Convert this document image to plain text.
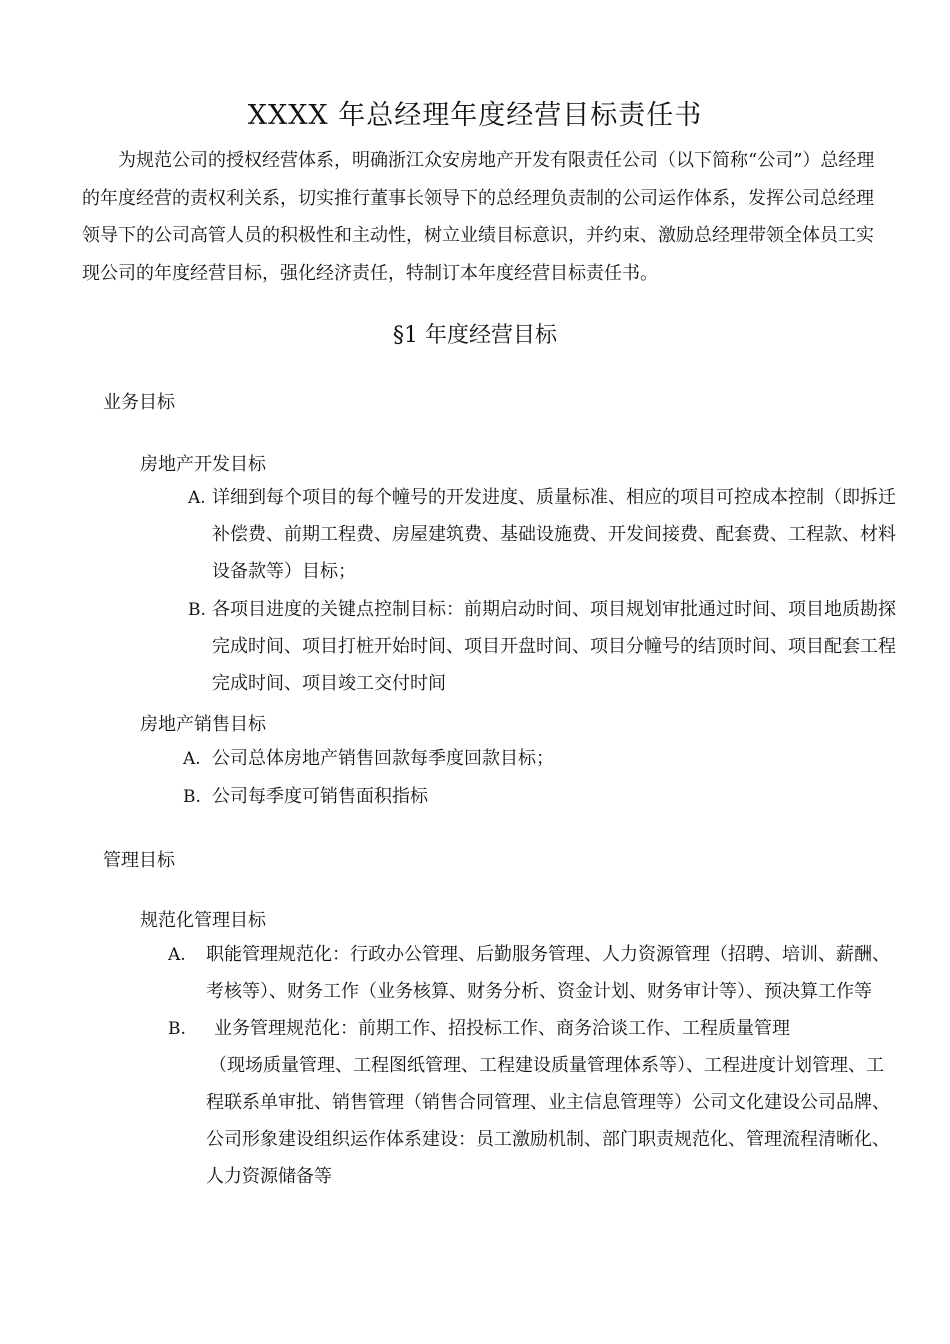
XXXX 年总经理年度经营目标责任书
为规范公司的授权经营体系，明确浙江众安房地产开发有限责任公司（以下简称“公司”）总经理
的年度经营的责权利关系，切实推行董事长领导下的总经理负责制的公司运作体系，发挥公司总经理
领导下的公司高管人员的积极性和主动性，树立业绩目标意识，并约束、激励总经理带领全体员工实
现公司的年度经营目标，强化经济责任，特制订本年度经营目标责任书。
§1 年度经营目标
业务目标
房地产开发目标
A. 详细到每个项目的每个幢号的开发进度、质量标准、相应的项目可控成本控制（即拆迁
补偿费、前期工程费、房屋建筑费、基础设施费、开发间接费、配套费、工程款、材料
设备款等）目标；
B. 各项目进度的关键点控制目标：前期启动时间、项目规划审批通过时间、项目地质勘探
完成时间、项目打桩开始时间、项目开盘时间、项目分幢号的结顶时间、项目配套工程
完成时间、项目竣工交付时间
房地产销售目标
A. 公司总体房地产销售回款每季度回款目标；
B. 公司每季度可销售面积指标
管理目标
规范化管理目标
A. 职能管理规范化：行政办公管理、后勤服务管理、人力资源管理（招聘、培训、薪酬、
考核等）、财务工作（业务核算、财务分析、资金计划、财务审计等）、预决算工作等
B.	业务管理规范化：前期工作、招投标工作、商务洽谈工作、工程质量管理
（现场质量管理、工程图纸管理、工程建设质量管理体系等）、工程进度计划管理、工
程联系单审批、销售管理（销售合同管理、业主信息管理等）公司文化建设公司品牌、
公司形象建设组织运作体系建设：员工激励机制、部门职责规范化、管理流程清晰化、
人力资源储备等
